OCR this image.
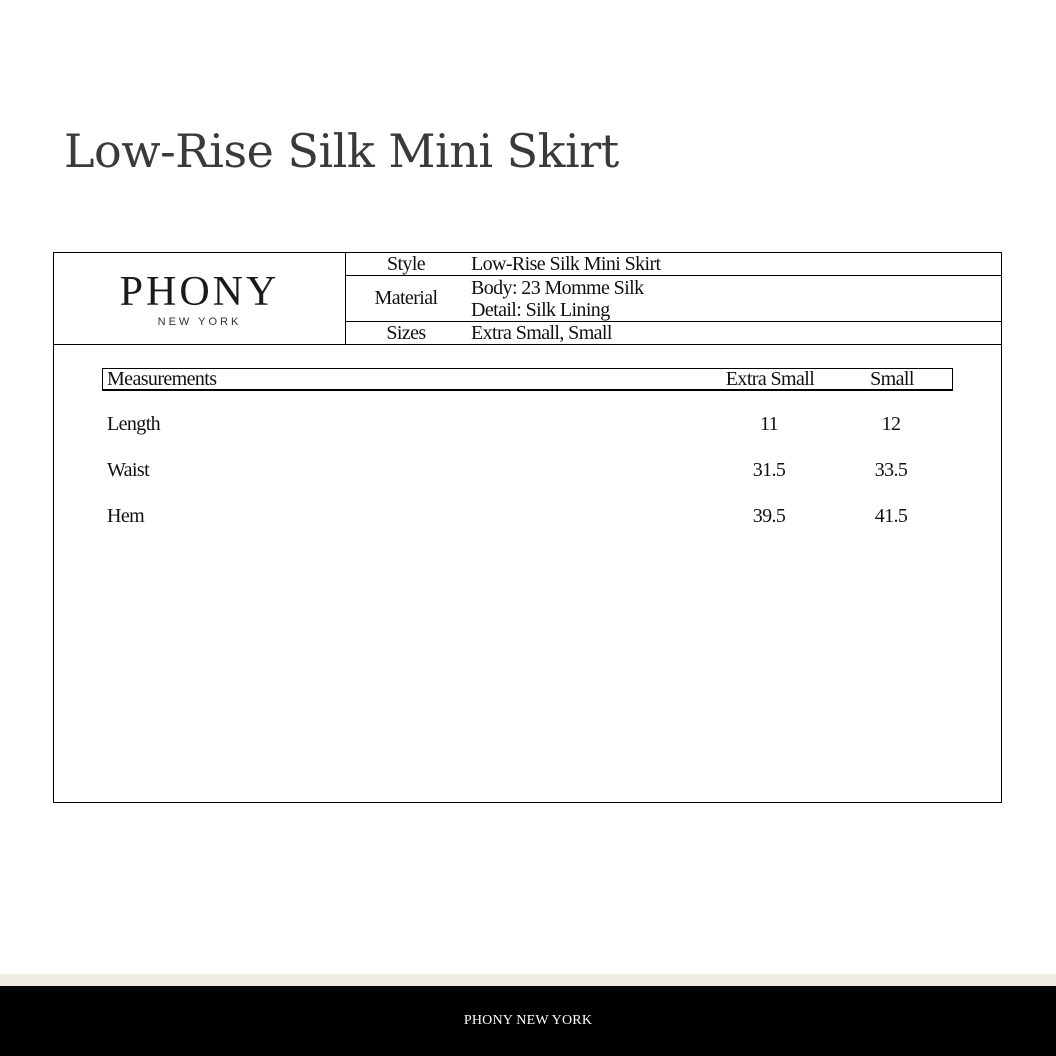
Low-Rise Silk Mini Skirt
PHONY
NEW YORK
Style	Low-Rise Silk Mini Skirt
Material	Body: 23 Momme Silk
Detail: Silk Lining
Sizes	Extra Small, Small
Measurements	Extra Small	Small
Length	11	12
Waist	31.5	33.5
Hem	39.5	41.5
PHONY NEW YORK
